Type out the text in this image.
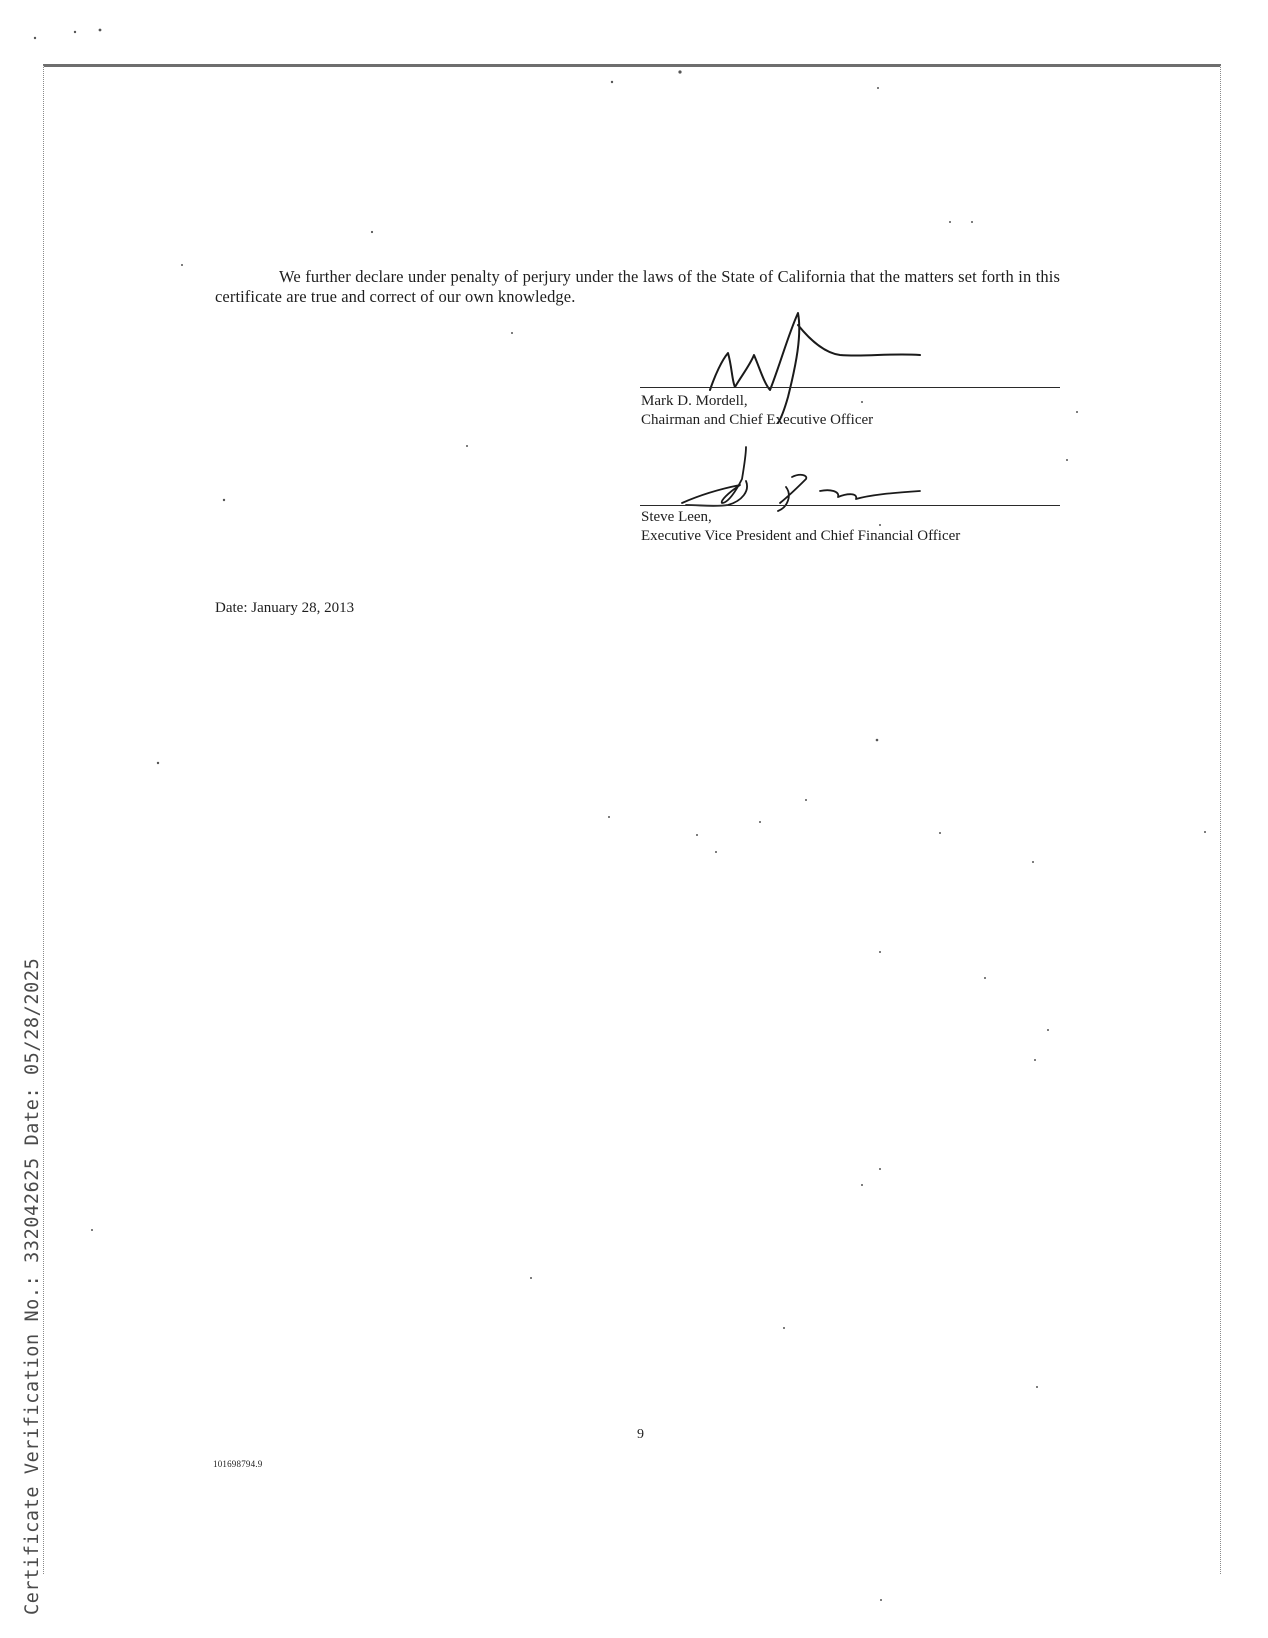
We further declare under penalty of perjury under the laws of the State of California that the matters set forth in this certificate are true and correct of our own knowledge.

Mark D. Mordell,
Chairman and Chief Executive Officer
Steve Leen,

Executive Vice President and Chief Financial Officer
Date: January 28, 2013
9
101698794.9
Certificate Verification No.: 332042625 Date: 05/28/2025
